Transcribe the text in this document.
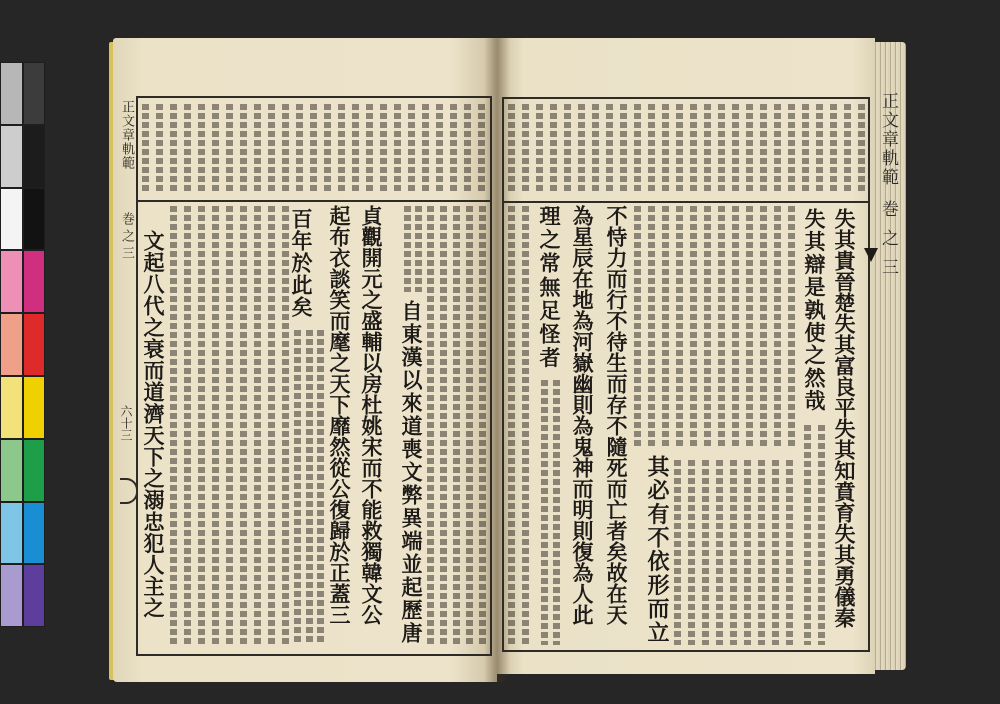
正文章軌範
巻之三
六十三
正文章軌範
巻之三
失其貴晉楚失其富良平失其知賁育失其勇儀秦
失其辯是孰使之然哉
其必有不依形而立
不恃力而行不待生而存不隨死而亡者矣故在天
為星辰在地為河嶽幽則為鬼神而明則復為人此
理之常無足怪者
自東漢以來道喪文弊異端並起歷唐
貞觀開元之盛輔以房杜姚宋而不能救獨韓文公
起布衣談笑而麾之天下靡然從公復歸於正蓋三
百年於此矣
文起八代之衰而道濟天下之溺忠犯人主之
